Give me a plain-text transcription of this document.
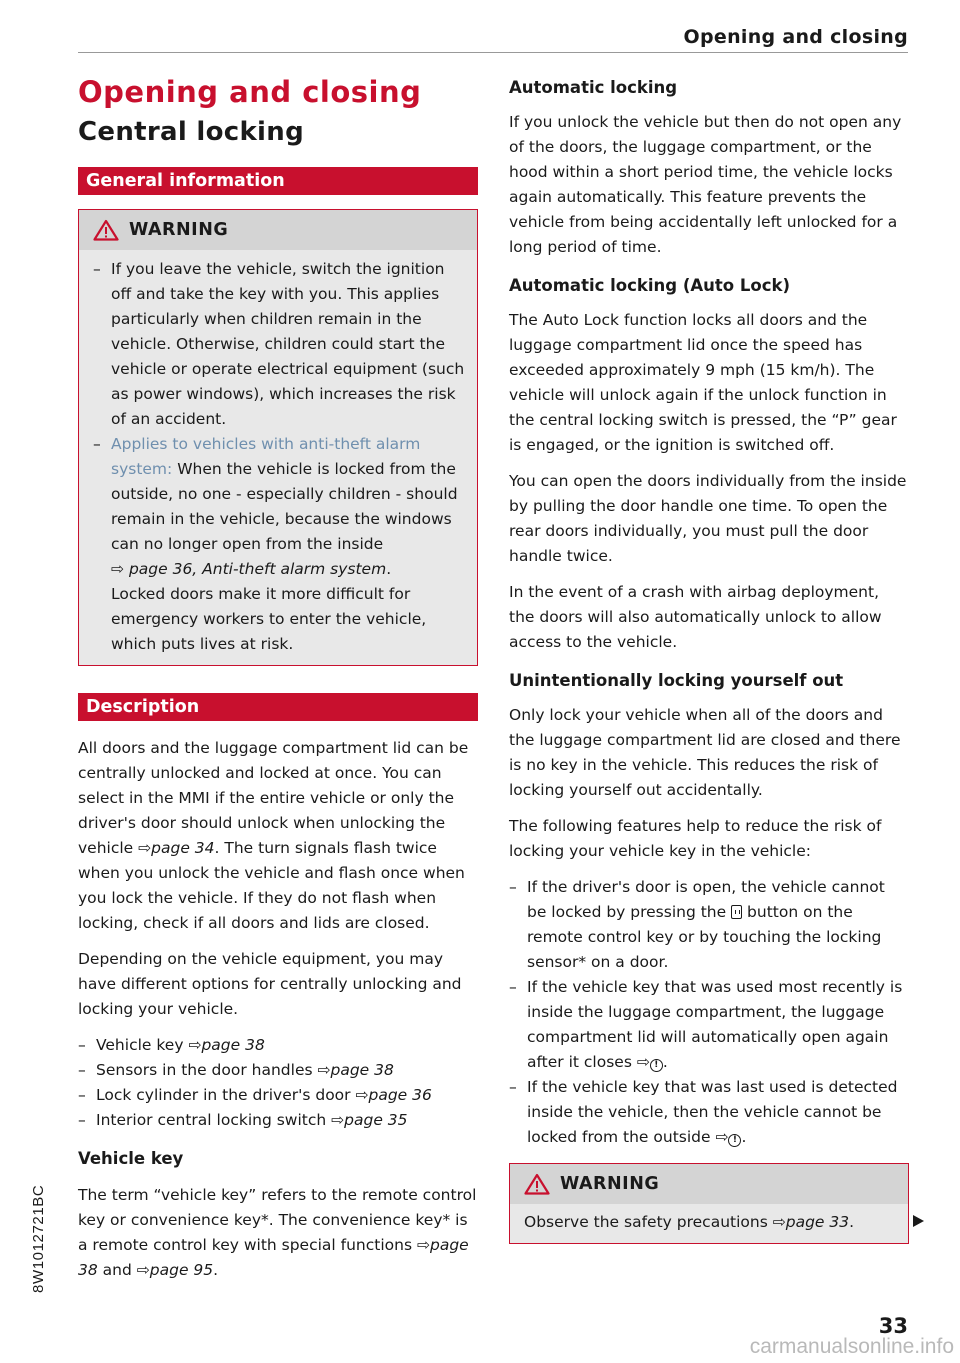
Opening and closing
Opening and closing
Central locking
General information
WARNING
– If you leave the vehicle, switch the ignition off and take the key with you. This applies particularly when children remain in the vehicle. Otherwise, children could start the vehicle or operate electrical equipment (such as power windows), which increases the risk of an accident.
– Applies to vehicles with anti-theft alarm system: When the vehicle is locked from the outside, no one - especially children - should remain in the vehicle, because the windows can no longer open from the inside
⇨ page 36, Anti-theft alarm system.
Locked doors make it more difficult for emergency workers to enter the vehicle, which puts lives at risk.
Description
All doors and the luggage compartment lid can be centrally unlocked and locked at once. You can select in the MMI if the entire vehicle or only the driver's door should unlock when unlocking the vehicle ⇨page 34. The turn signals flash twice when you unlock the vehicle and flash once when you lock the vehicle. If they do not flash when locking, check if all doors and lids are closed.
Depending on the vehicle equipment, you may have different options for centrally unlocking and locking your vehicle.
– Vehicle key ⇨page 38
– Sensors in the door handles ⇨page 38
– Lock cylinder in the driver's door ⇨page 36
– Interior central locking switch ⇨page 35
Vehicle key
The term “vehicle key” refers to the remote control key or convenience key*. The convenience key* is a remote control key with special functions ⇨page 38 and ⇨page 95.
Automatic locking
If you unlock the vehicle but then do not open any of the doors, the luggage compartment, or the hood within a short period time, the vehicle locks again automatically. This feature prevents the vehicle from being accidentally left unlocked for a long period of time.
Automatic locking (Auto Lock)
The Auto Lock function locks all doors and the luggage compartment lid once the speed has exceeded approximately 9 mph (15 km/h). The vehicle will unlock again if the unlock function in the central locking switch is pressed, the “P” gear is engaged, or the ignition is switched off.
You can open the doors individually from the inside by pulling the door handle one time. To open the rear doors individually, you must pull the door handle twice.
In the event of a crash with airbag deployment, the doors will also automatically unlock to allow access to the vehicle.
Unintentionally locking yourself out
Only lock your vehicle when all of the doors and the luggage compartment lid are closed and there is no key in the vehicle. This reduces the risk of locking yourself out accidentally.
The following features help to reduce the risk of locking your vehicle key in the vehicle:
– If the driver's door is open, the vehicle cannot be locked by pressing the button on the remote control key or by touching the locking sensor* on a door.
– If the vehicle key that was used most recently is inside the luggage compartment, the luggage compartment lid will automatically open again after it closes ⇨ ! .
– If the vehicle key that was last used is detected inside the vehicle, then the vehicle cannot be locked from the outside ⇨ ! .
WARNING
Observe the safety precautions ⇨page 33.
8W1012721BC
33
carmanualsonline.info
